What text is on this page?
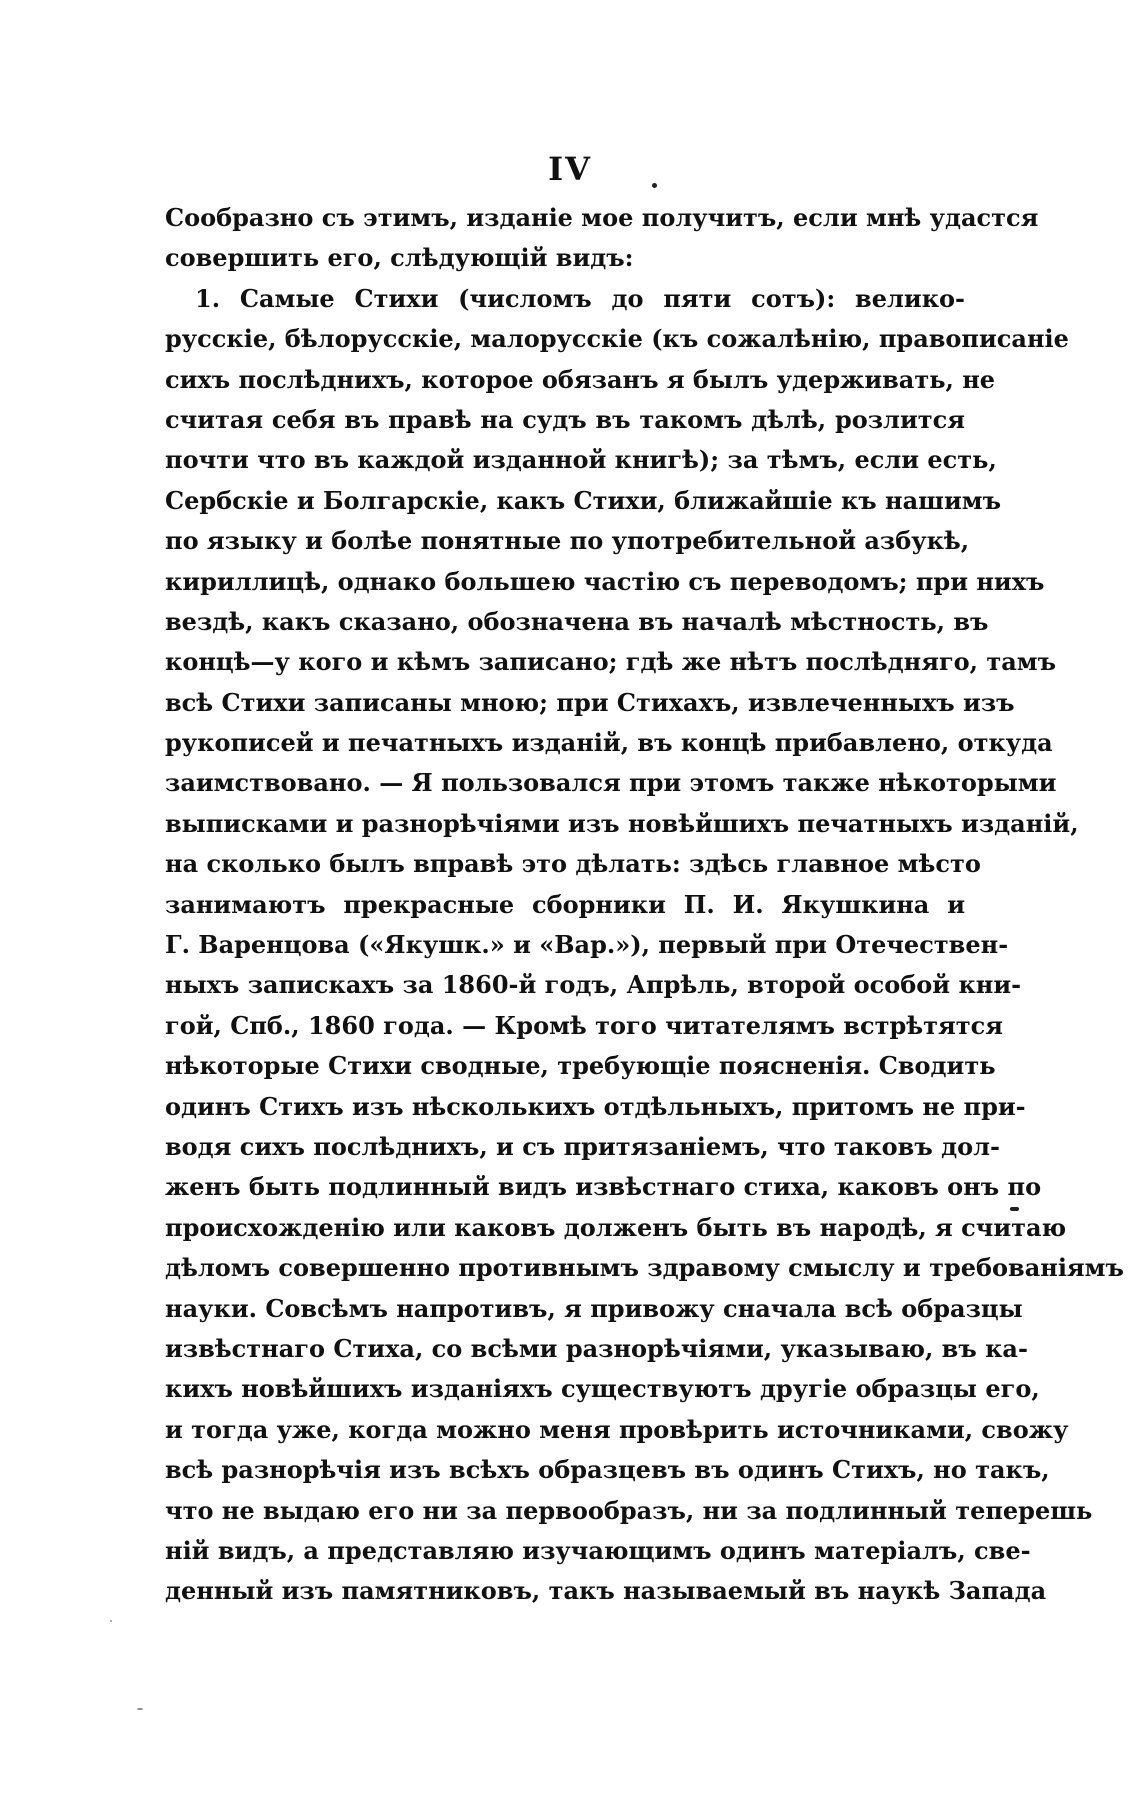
IV
Сообразно съ этимъ, изданіе мое получитъ, если мнѣ удастся
совершить его, слѣдующій видъ:
1. Самые Стихи (числомъ до пяти сотъ): велико-
русскіе, бѣлорусскіе, малорусскіе (къ сожалѣнію, правописаніе
сихъ послѣднихъ, которое обязанъ я былъ удерживать, не
считая себя въ правѣ на судъ въ такомъ дѣлѣ, розлится
почти что въ каждой изданной книгѣ); за тѣмъ, если есть,
Сербскіе и Болгарскіе, какъ Стихи, ближайшіе къ нашимъ
по языку и болѣе понятные по употребительной азбукѣ,
кириллицѣ, однако большею частію съ переводомъ; при нихъ
вездѣ, какъ сказано, обозначена въ началѣ мѣстность, въ
концѣ—у кого и кѣмъ записано; гдѣ же нѣтъ послѣдняго, тамъ
всѣ Стихи записаны мною; при Стихахъ, извлеченныхъ изъ
рукописей и печатныхъ изданій, въ концѣ прибавлено, откуда
заимствовано. — Я пользовался при этомъ также нѣкоторыми
выписками и разнорѣчіями изъ новѣйшихъ печатныхъ изданій,
на сколько былъ вправѣ это дѣлать: здѣсь главное мѣсто
занимаютъ прекрасные сборники П. И. Якушкина и
Г. Варенцова («Якушк.» и «Вар.»), первый при Отечествен-
ныхъ запискахъ за 1860-й годъ, Апрѣль, второй особой кни-
гой, Спб., 1860 года. — Кромѣ того читателямъ встрѣтятся
нѣкоторые Стихи сводные, требующіе поясненія. Сводить
одинъ Стихъ изъ нѣсколькихъ отдѣльныхъ, притомъ не при-
водя сихъ послѣднихъ, и съ притязаніемъ, что таковъ дол-
женъ быть подлинный видъ извѣстнаго стиха, каковъ онъ по
происхожденію или каковъ долженъ быть въ народѣ, я считаю
дѣломъ совершенно противнымъ здравому смыслу и требованіямъ
науки. Совсѣмъ напротивъ, я привожу сначала всѣ образцы
извѣстнаго Стиха, со всѣми разнорѣчіями, указываю, въ ка-
кихъ новѣйшихъ изданіяхъ существуютъ другіе образцы его,
и тогда уже, когда можно меня провѣрить источниками, свожу
всѣ разнорѣчія изъ всѣхъ образцевъ въ одинъ Стихъ, но такъ,
что не выдаю его ни за первообразъ, ни за подлинный теперешь
ній видъ, а представляю изучающимъ одинъ матеріалъ, све-
денный изъ памятниковъ, такъ называемый въ наукѣ Запада
